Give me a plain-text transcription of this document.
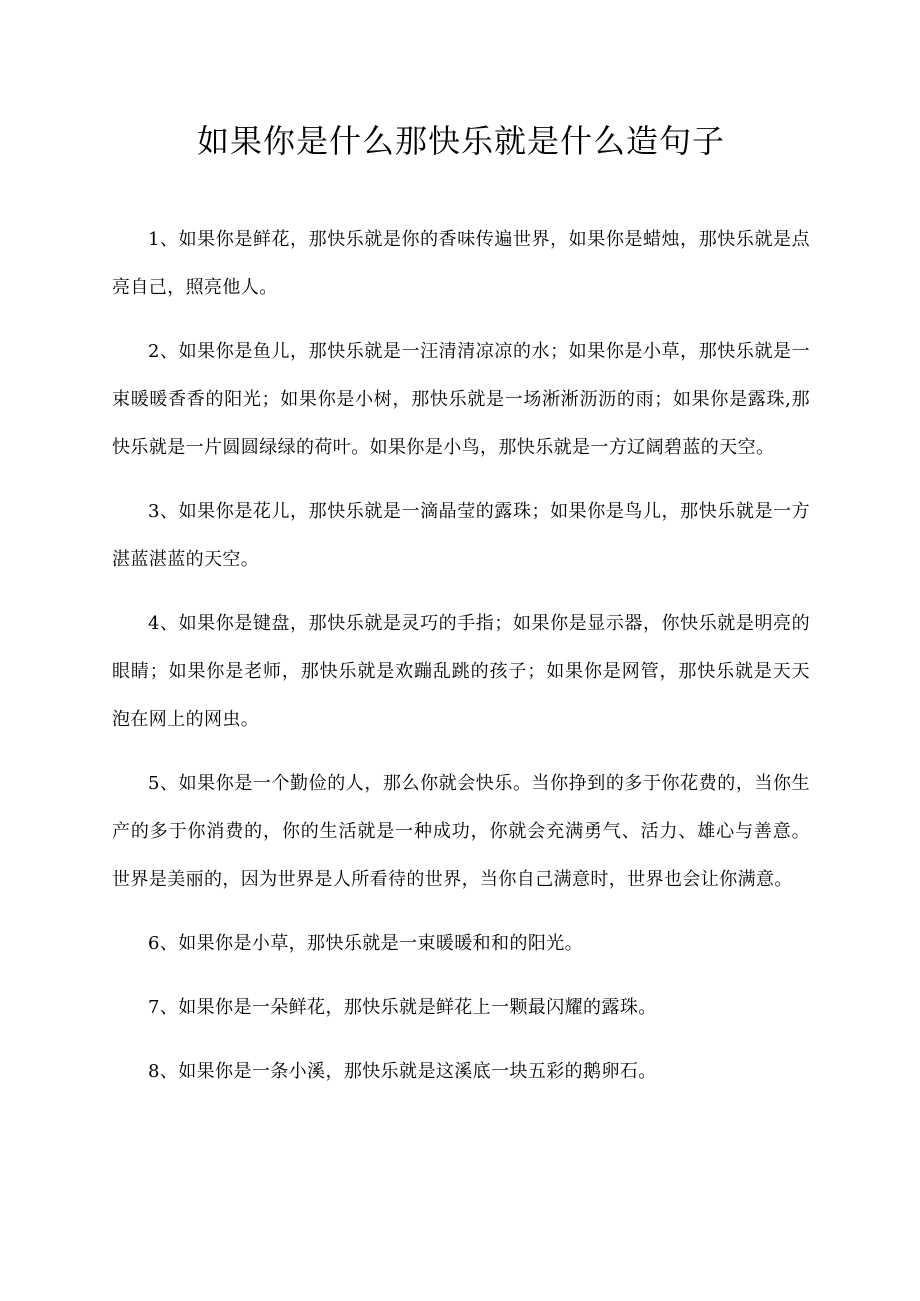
如果你是什么那快乐就是什么造句子

1、如果你是鲜花，那快乐就是你的香味传遍世界，如果你是蜡烛，那快乐就是点亮自己，照亮他人。

2、如果你是鱼儿，那快乐就是一汪清清凉凉的水；如果你是小草，那快乐就是一束暖暖香香的阳光；如果你是小树，那快乐就是一场淅淅沥沥的雨；如果你是露珠,那快乐就是一片圆圆绿绿的荷叶。如果你是小鸟，那快乐就是一方辽阔碧蓝的天空。

3、如果你是花儿，那快乐就是一滴晶莹的露珠；如果你是鸟儿，那快乐就是一方湛蓝湛蓝的天空。

4、如果你是键盘，那快乐就是灵巧的手指；如果你是显示器，你快乐就是明亮的眼睛；如果你是老师，那快乐就是欢蹦乱跳的孩子；如果你是网管，那快乐就是天天泡在网上的网虫。

5、如果你是一个勤俭的人，那么你就会快乐。当你挣到的多于你花费的，当你生产的多于你消费的，你的生活就是一种成功，你就会充满勇气、活力、雄心与善意。世界是美丽的，因为世界是人所看待的世界，当你自己满意时，世界也会让你满意。

6、如果你是小草，那快乐就是一束暖暖和和的阳光。

7、如果你是一朵鲜花，那快乐就是鲜花上一颗最闪耀的露珠。

8、如果你是一条小溪，那快乐就是这溪底一块五彩的鹅卵石。
